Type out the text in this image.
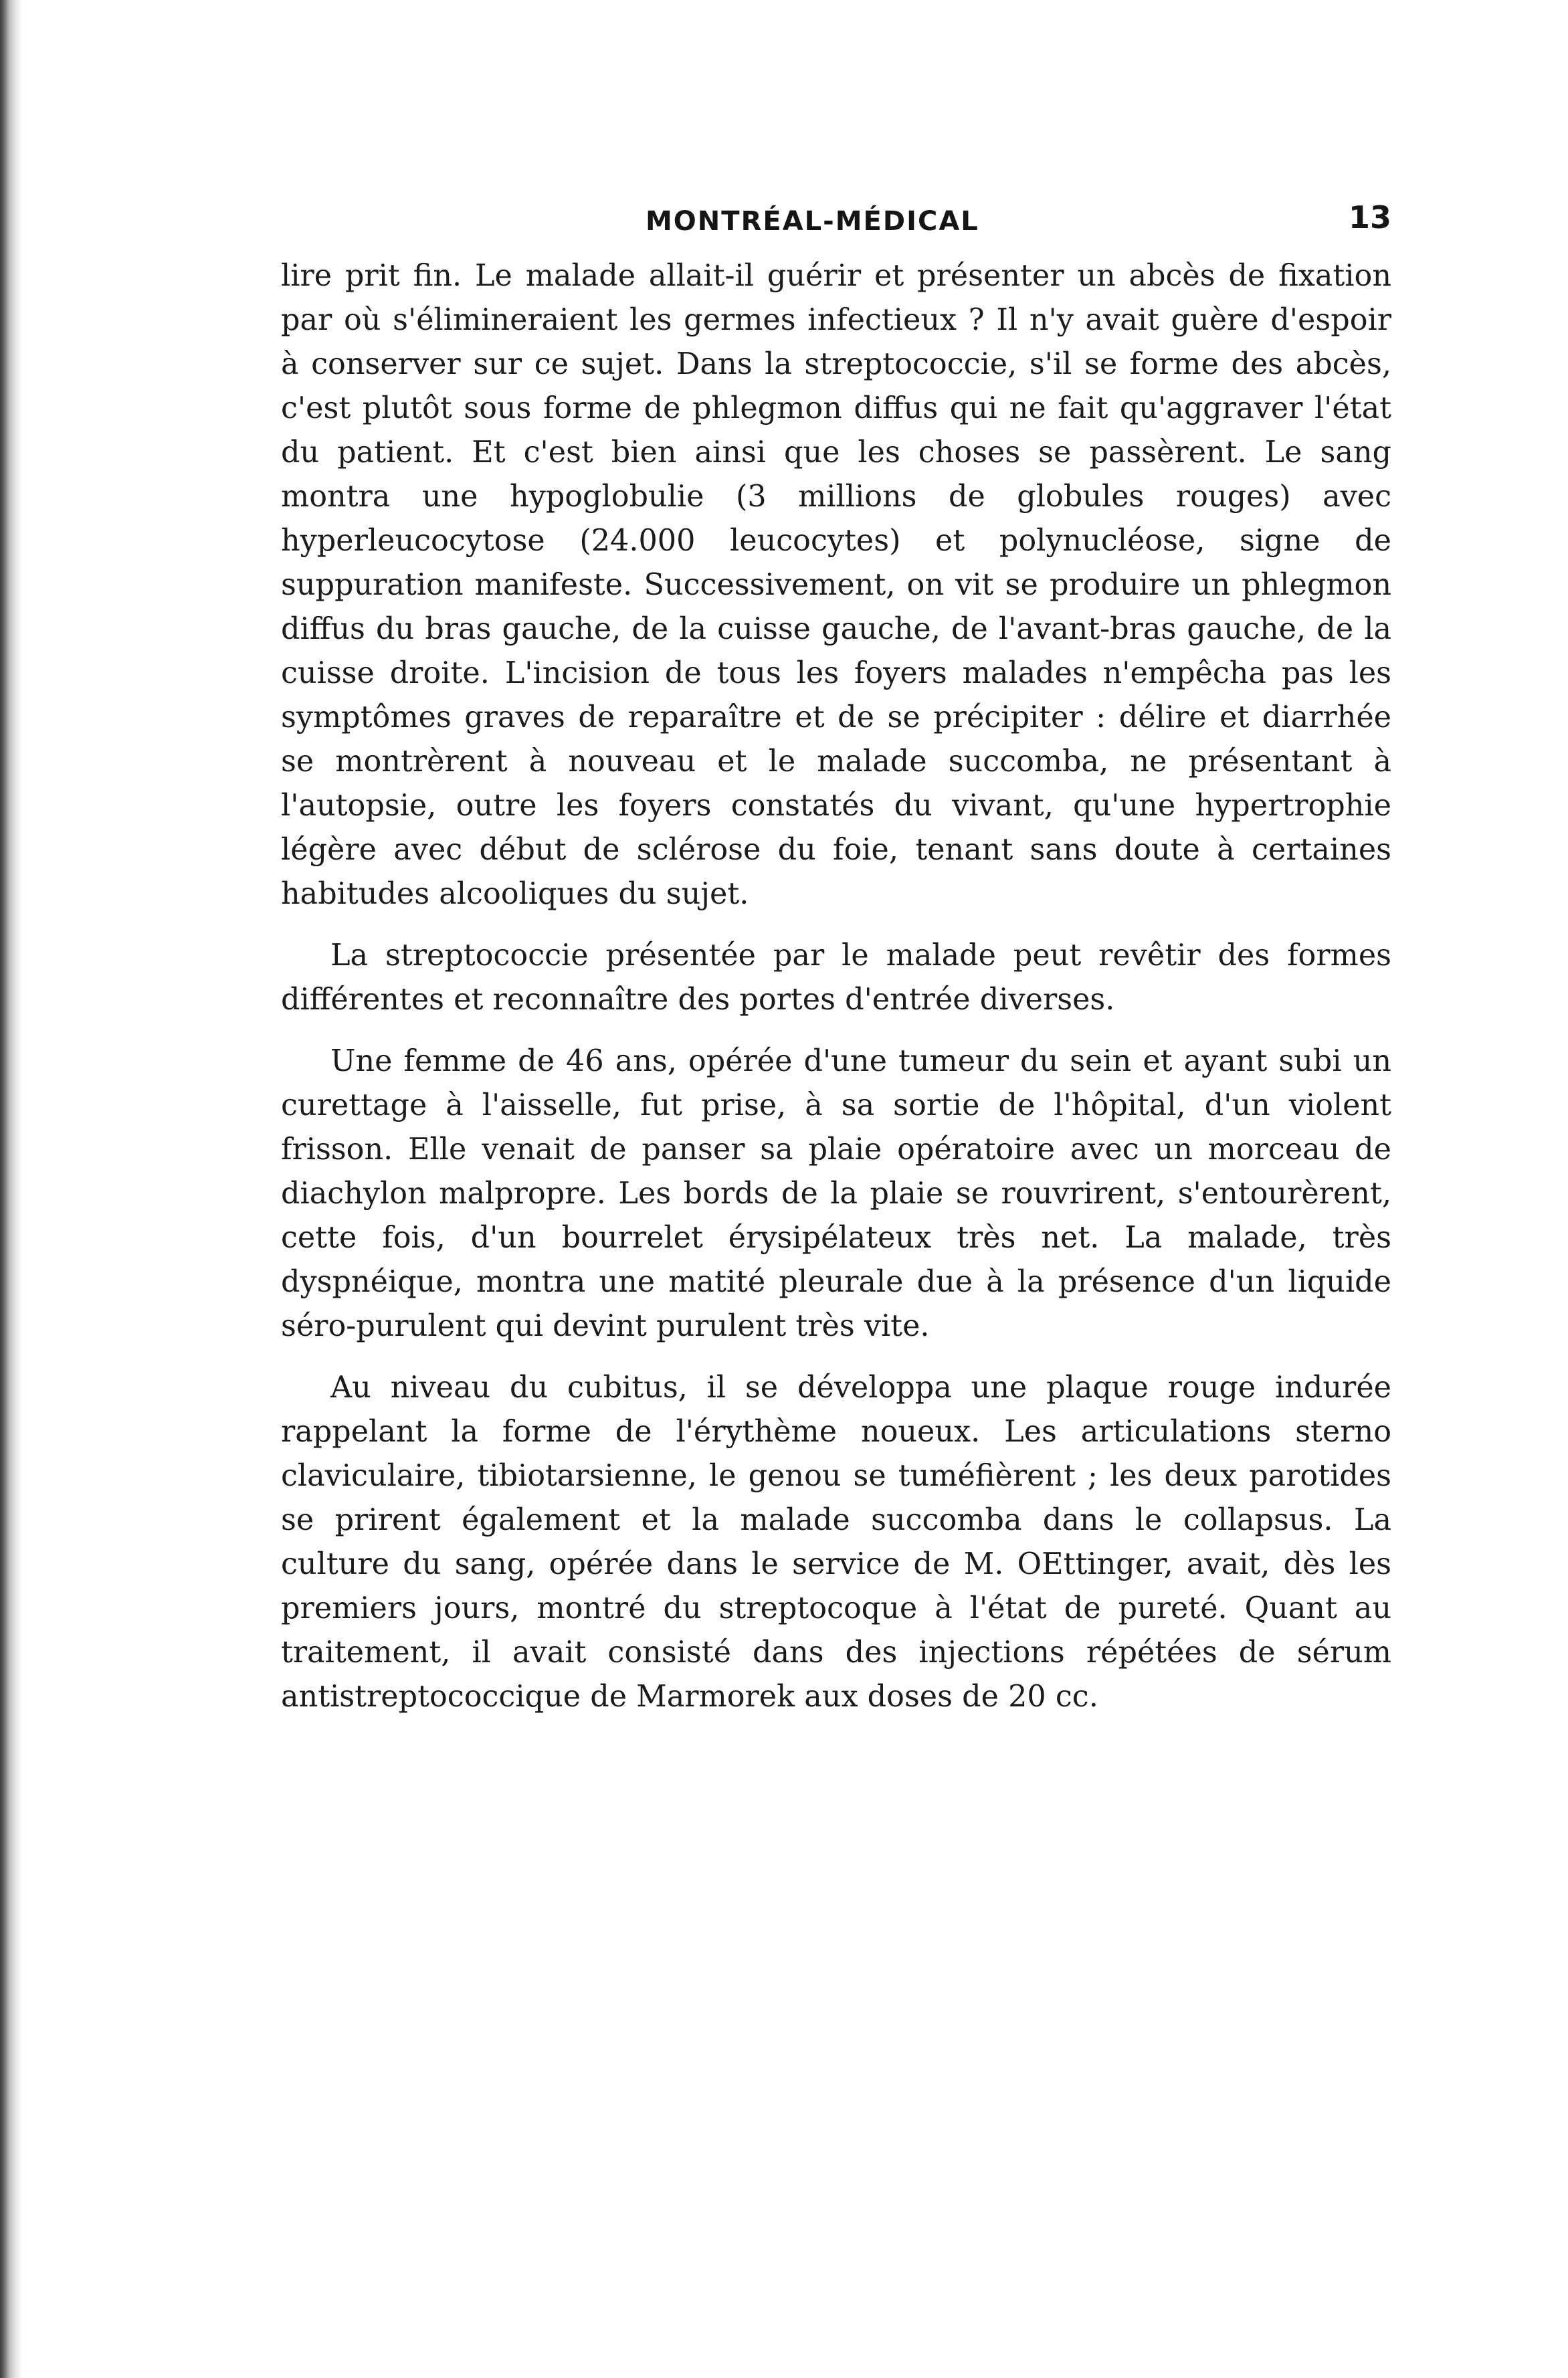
MONTRÉAL-MÉDICAL	13

lire prit fin. Le malade allait-il guérir et présenter un abcès de fixation par où s'élimineraient les germes infectieux ? Il n'y avait guère d'espoir à conserver sur ce sujet. Dans la streptococcie, s'il se forme des abcès, c'est plutôt sous forme de phlegmon diffus qui ne fait qu'aggraver l'état du patient. Et c'est bien ainsi que les choses se passèrent. Le sang montra une hypoglobulie (3 millions de globules rouges) avec hyperleucocytose (24.000 leucocytes) et polynucléose, signe de suppuration manifeste. Successivement, on vit se produire un phlegmon diffus du bras gauche, de la cuisse gauche, de l'avant-bras gauche, de la cuisse droite. L'incision de tous les foyers malades n'empêcha pas les symptômes graves de reparaître et de se précipiter : délire et diarrhée se montrèrent à nouveau et le malade succomba, ne présentant à l'autopsie, outre les foyers constatés du vivant, qu'une hypertrophie légère avec début de sclérose du foie, tenant sans doute à certaines habitudes alcooliques du sujet.

La streptococcie présentée par le malade peut revêtir des formes différentes et reconnaître des portes d'entrée diverses.

Une femme de 46 ans, opérée d'une tumeur du sein et ayant subi un curettage à l'aisselle, fut prise, à sa sortie de l'hôpital, d'un violent frisson. Elle venait de panser sa plaie opératoire avec un morceau de diachylon malpropre. Les bords de la plaie se rouvrirent, s'entourèrent, cette fois, d'un bourrelet érysipélateux très net. La malade, très dyspnéique, montra une matité pleurale due à la présence d'un liquide séro-purulent qui devint purulent très vite.

Au niveau du cubitus, il se développa une plaque rouge indurée rappelant la forme de l'érythème noueux. Les articulations sterno claviculaire, tibiotarsienne, le genou se tuméfièrent ; les deux parotides se prirent également et la malade succomba dans le collapsus. La culture du sang, opérée dans le service de M. OEttinger, avait, dès les premiers jours, montré du streptocoque à l'état de pureté. Quant au traitement, il avait consisté dans des injections répétées de sérum antistreptococcique de Marmorek aux doses de 20 cc.
